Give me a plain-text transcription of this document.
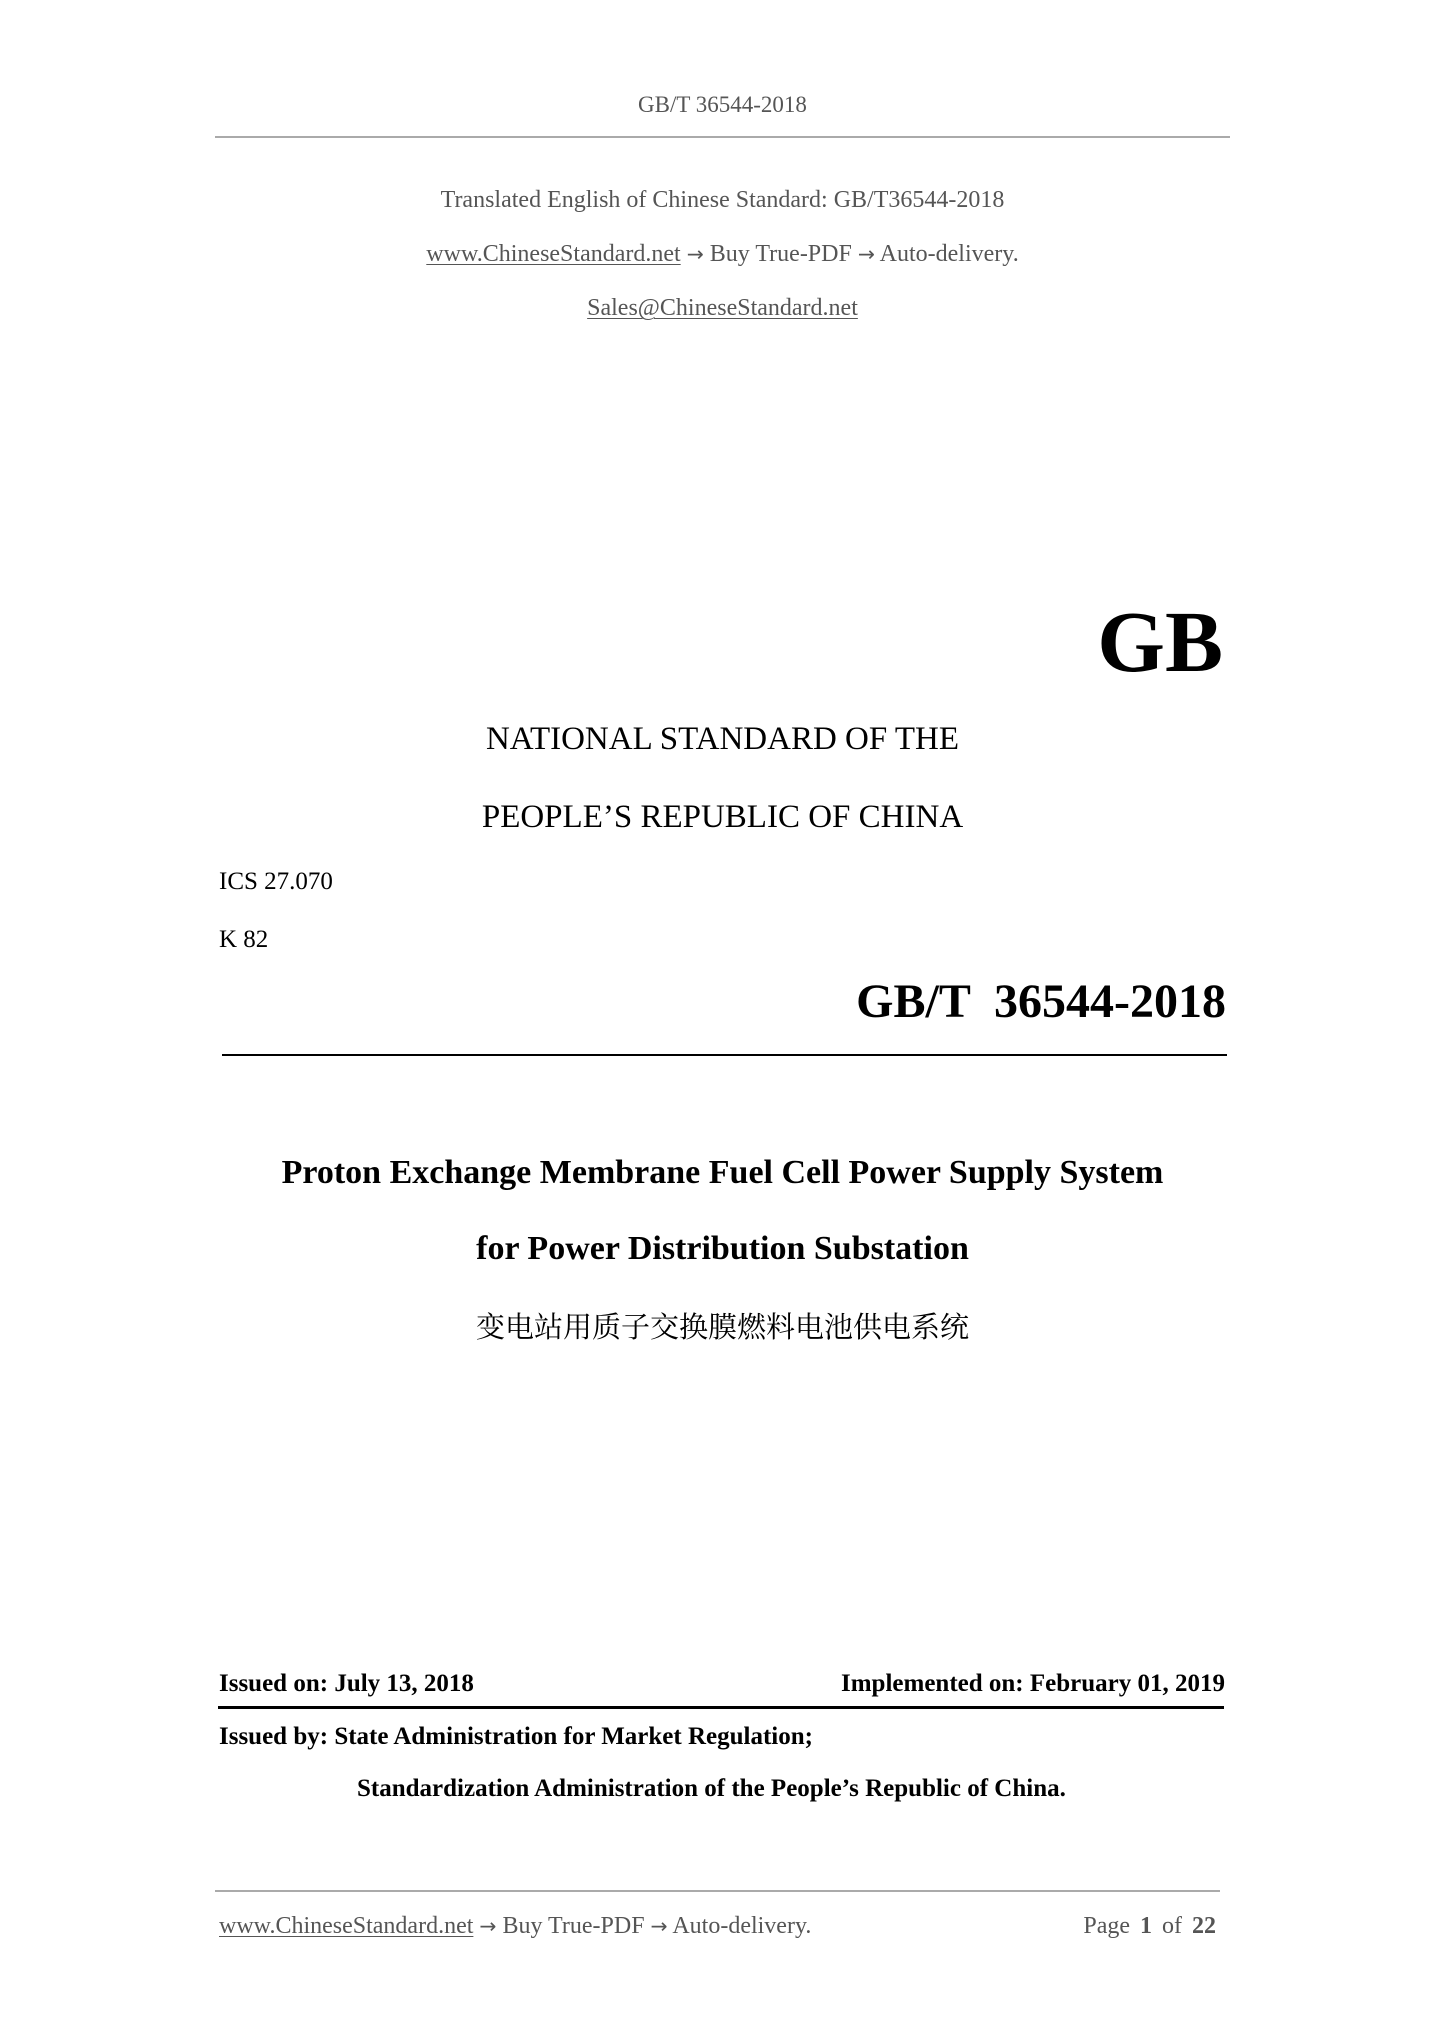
GB/T 36544-2018
Translated English of Chinese Standard: GB/T36544-2018
www.ChineseStandard.net → Buy True-PDF → Auto-delivery.
Sales@ChineseStandard.net
GB
NATIONAL STANDARD OF THE
PEOPLE’S REPUBLIC OF CHINA
ICS 27.070
K 82
GB/T  36544-2018
Proton Exchange Membrane Fuel Cell Power Supply System
for Power Distribution Substation
变电站用质子交换膜燃料电池供电系统
Issued on: July 13, 2018	Implemented on: February 01, 2019
Issued by: State Administration for Market Regulation;
Standardization Administration of the People’s Republic of China.
www.ChineseStandard.net → Buy True-PDF → Auto-delivery.	Page 1 of 22
